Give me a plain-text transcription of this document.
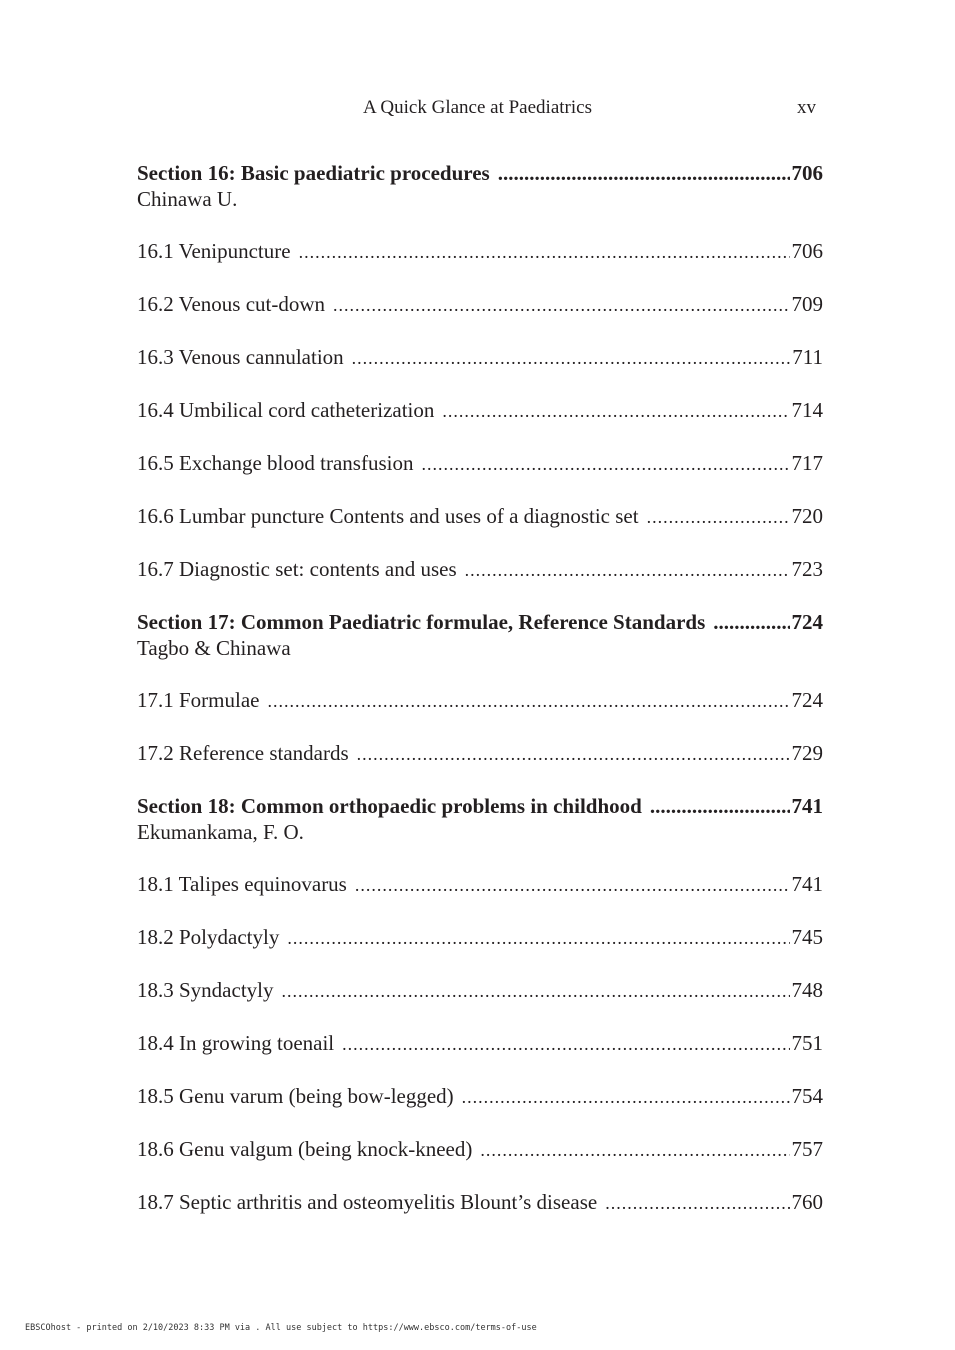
A Quick Glance at Paediatrics	xv
Section 16: Basic paediatric procedures .....	706
Chinawa U.
16.1 Venipuncture .....	706
16.2 Venous cut-down .....	709
16.3 Venous cannulation .....	711
16.4 Umbilical cord catheterization .....	714
16.5 Exchange blood transfusion .....	717
16.6 Lumbar puncture Contents and uses of a diagnostic set .....	720
16.7 Diagnostic set: contents and uses .....	723
Section 17: Common Paediatric formulae, Reference Standards .....	724
Tagbo & Chinawa
17.1 Formulae .....	724
17.2 Reference standards .....	729
Section 18: Common orthopaedic problems in childhood .....	741
Ekumankama, F. O.
18.1 Talipes equinovarus .....	741
18.2 Polydactyly .....	745
18.3 Syndactyly .....	748
18.4 In growing toenail .....	751
18.5 Genu varum (being bow-legged) .....	754
18.6 Genu valgum (being knock-kneed) .....	757
18.7 Septic arthritis and osteomyelitis Blount’s disease .....	760
EBSCOhost - printed on 2/10/2023 8:33 PM via . All use subject to https://www.ebsco.com/terms-of-use
